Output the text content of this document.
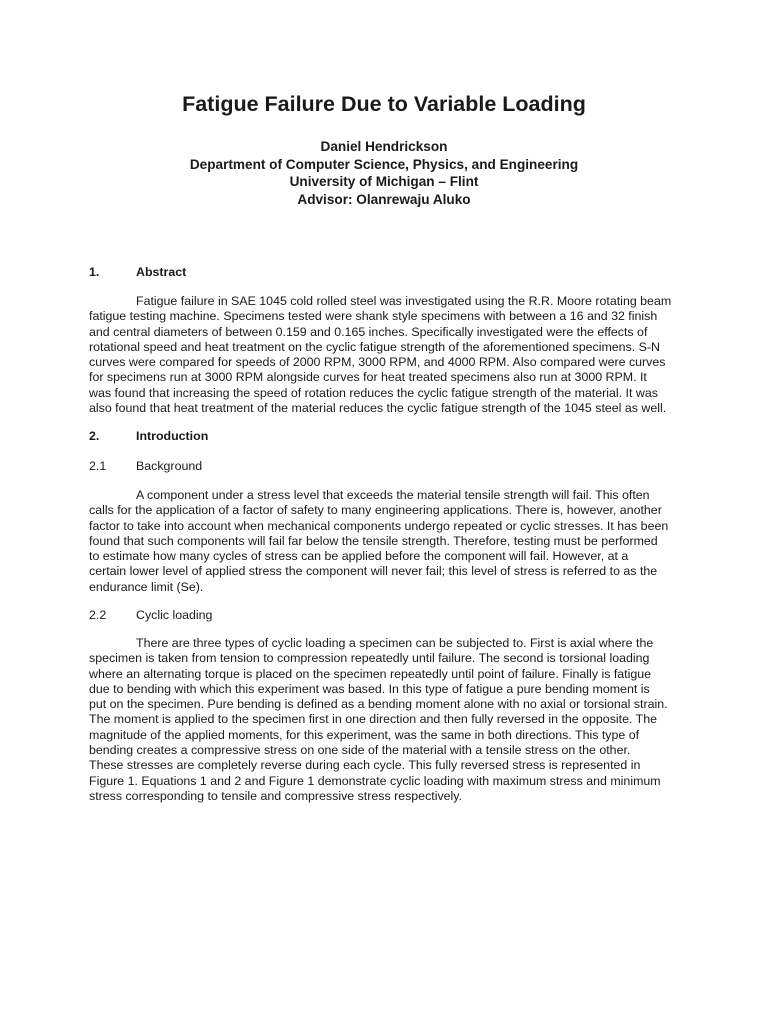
Fatigue Failure Due to Variable Loading
Daniel Hendrickson
Department of Computer Science, Physics, and Engineering
University of Michigan – Flint
Advisor: Olanrewaju Aluko
1.	Abstract
Fatigue failure in SAE 1045 cold rolled steel was investigated using the R.R. Moore rotating beam
fatigue testing machine. Specimens tested were shank style specimens with between a 16 and 32 finish
and central diameters of between 0.159 and 0.165 inches. Specifically investigated were the effects of
rotational speed and heat treatment on the cyclic fatigue strength of the aforementioned specimens. S-N
curves were compared for speeds of 2000 RPM, 3000 RPM, and 4000 RPM. Also compared were curves
for specimens run at 3000 RPM alongside curves for heat treated specimens also run at 3000 RPM. It
was found that increasing the speed of rotation reduces the cyclic fatigue strength of the material. It was
also found that heat treatment of the material reduces the cyclic fatigue strength of the 1045 steel as well.
2.	Introduction
2.1 Background
A component under a stress level that exceeds the material tensile strength will fail. This often
calls for the application of a factor of safety to many engineering applications. There is, however, another
factor to take into account when mechanical components undergo repeated or cyclic stresses. It has been
found that such components will fail far below the tensile strength. Therefore, testing must be performed
to estimate how many cycles of stress can be applied before the component will fail. However, at a
certain lower level of applied stress the component will never fail; this level of stress is referred to as the
endurance limit (Se).
2.2 Cyclic loading
There are three types of cyclic loading a specimen can be subjected to. First is axial where the
specimen is taken from tension to compression repeatedly until failure. The second is torsional loading
where an alternating torque is placed on the specimen repeatedly until point of failure. Finally is fatigue
due to bending with which this experiment was based. In this type of fatigue a pure bending moment is
put on the specimen. Pure bending is defined as a bending moment alone with no axial or torsional strain.
The moment is applied to the specimen first in one direction and then fully reversed in the opposite. The
magnitude of the applied moments, for this experiment, was the same in both directions. This type of
bending creates a compressive stress on one side of the material with a tensile stress on the other.
These stresses are completely reverse during each cycle. This fully reversed stress is represented in
Figure 1. Equations 1 and 2 and Figure 1 demonstrate cyclic loading with maximum stress and minimum
stress corresponding to tensile and compressive stress respectively.
